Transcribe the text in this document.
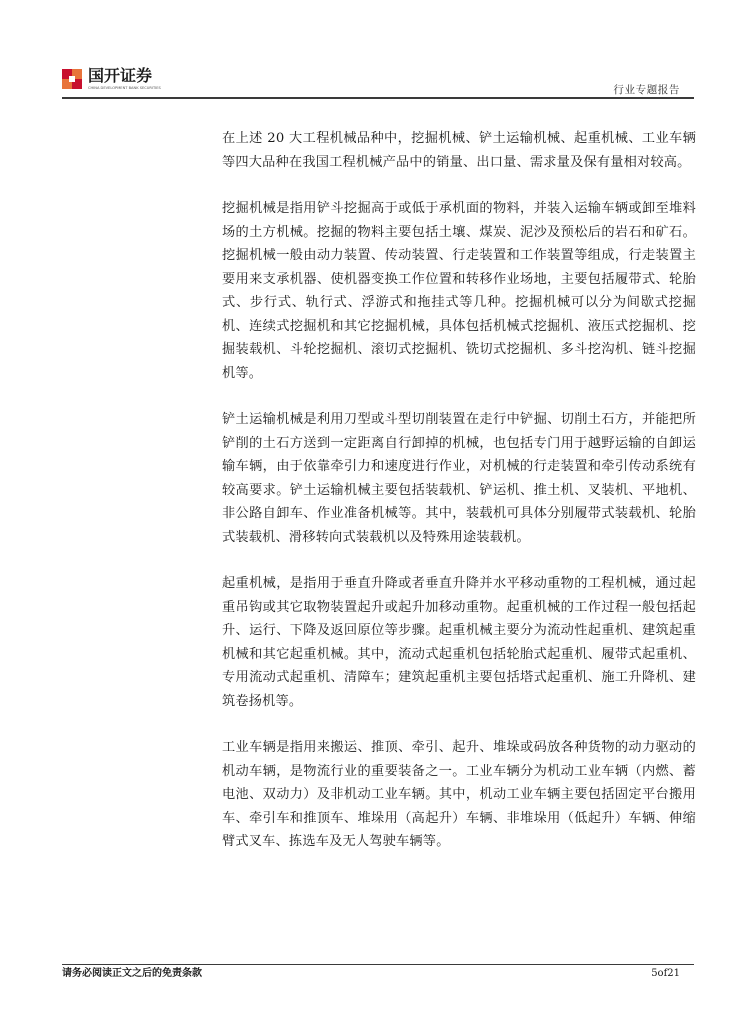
国开证券
CHINA DEVELOPMENT BANK SECURITIES	行业专题报告

在上述 20 大工程机械品种中，挖掘机械、铲土运输机械、起重机械、工业车辆等四大品种在我国工程机械产品中的销量、出口量、需求量及保有量相对较高。

挖掘机械是指用铲斗挖掘高于或低于承机面的物料，并装入运输车辆或卸至堆料场的土方机械。挖掘的物料主要包括土壤、煤炭、泥沙及预松后的岩石和矿石。挖掘机械一般由动力装置、传动装置、行走装置和工作装置等组成，行走装置主要用来支承机器、使机器变换工作位置和转移作业场地，主要包括履带式、轮胎式、步行式、轨行式、浮游式和拖挂式等几种。挖掘机械可以分为间歇式挖掘机、连续式挖掘机和其它挖掘机械，具体包括机械式挖掘机、液压式挖掘机、挖掘装载机、斗轮挖掘机、滚切式挖掘机、铣切式挖掘机、多斗挖沟机、链斗挖掘机等。

铲土运输机械是利用刀型或斗型切削装置在走行中铲掘、切削土石方，并能把所铲削的土石方送到一定距离自行卸掉的机械，也包括专门用于越野运输的自卸运输车辆，由于依靠牵引力和速度进行作业，对机械的行走装置和牵引传动系统有较高要求。铲土运输机械主要包括装载机、铲运机、推土机、叉装机、平地机、非公路自卸车、作业准备机械等。其中，装载机可具体分别履带式装载机、轮胎式装载机、滑移转向式装载机以及特殊用途装载机。

起重机械，是指用于垂直升降或者垂直升降并水平移动重物的工程机械，通过起重吊钩或其它取物装置起升或起升加移动重物。起重机械的工作过程一般包括起升、运行、下降及返回原位等步骤。起重机械主要分为流动性起重机、建筑起重机械和其它起重机械。其中，流动式起重机包括轮胎式起重机、履带式起重机、专用流动式起重机、清障车；建筑起重机主要包括塔式起重机、施工升降机、建筑卷扬机等。

工业车辆是指用来搬运、推顶、牵引、起升、堆垛或码放各种货物的动力驱动的机动车辆，是物流行业的重要装备之一。工业车辆分为机动工业车辆（内燃、蓄电池、双动力）及非机动工业车辆。其中，机动工业车辆主要包括固定平台搬用车、牵引车和推顶车、堆垛用（高起升）车辆、非堆垛用（低起升）车辆、伸缩臂式叉车、拣选车及无人驾驶车辆等。

请务必阅读正文之后的免责条款	5of21
